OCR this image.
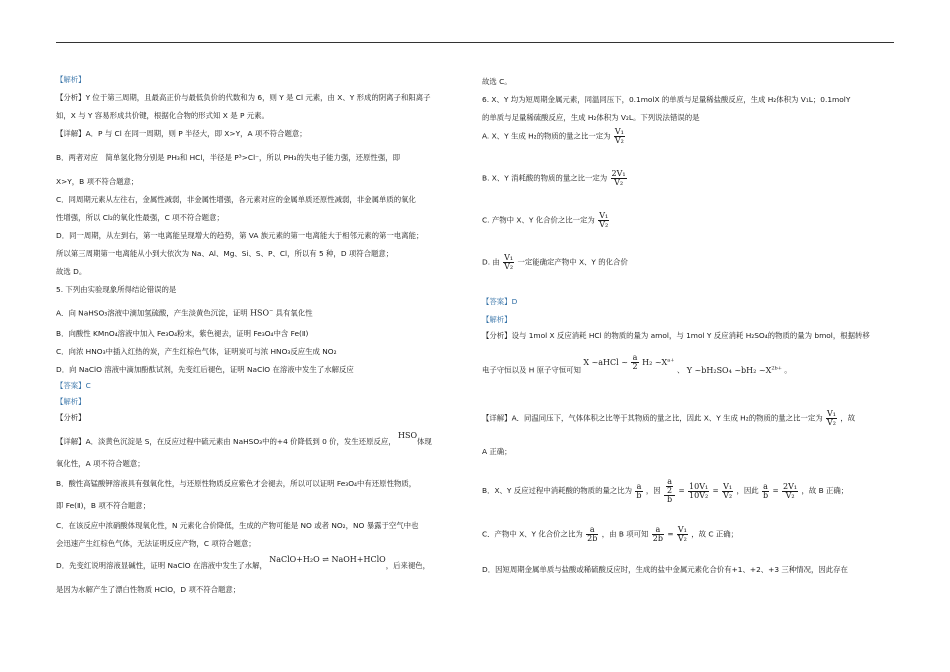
【解析】
【分析】Y 位于第三周期，且最高正价与最低负价的代数和为 6，则 Y 是 Cl 元素，由 X、Y 形成的阴离子和阳离子
如，X 与 Y 容易形成共价键，根据化合物的形式知 X 是 P 元素。
【详解】A．P 与 Cl 在同一周期，则 P 半径大，即 X>Y，A 项不符合题意；
B．两者对应　简单氢化物分别是 PH₃和 HCl，半径是 P³>Cl⁻，所以 PH₃的失电子能力强，还原性强，即
X>Y，B 项不符合题意；
C．同周期元素从左往右，金属性减弱，非金属性增强，各元素对应的金属单质还原性减弱，非金属单质的氧化
性增强，所以 Cl₂的氧化性最强，C 项不符合题意；
D．同一周期，从左到右，第一电离能呈现增大的趋势，第 VA 族元素的第一电离能大于相邻元素的第一电离能；
所以第三周期第一电离能从小到大依次为 Na、Al、Mg、Si、S、P、Cl，所以有 5 种，D 项符合题意；
故选 D。
5. 下列由实验现象所得结论错误的是
A．向 NaHSO₃溶液中滴加氢硫酸，产生淡黄色沉淀，证明 HSO− 具有氧化性
B．向酸性 KMnO₄溶液中加入 Fe₃O₄粉末，紫色褪去，证明 Fe₃O₄中含 Fe(Ⅱ)
C．向浓 HNO₃中插入红热的炭，产生红棕色气体，证明炭可与浓 HNO₃反应生成 NO₂
D．向 NaClO 溶液中滴加酚酞试剂，先变红后褪色，证明 NaClO 在溶液中发生了水解反应
【答案】C
【解析】
【分析】
【详解】A．淡黄色沉淀是 S，在反应过程中硫元素由 NaHSO₃中的+4 价降低到 0 价，发生还原反应， HSO体现
氧化性，A 项不符合题意；
B．酸性高锰酸钾溶液具有强氧化性，与还原性物质反应紫色才会褪去，所以可以证明 Fe₃O₄中有还原性物质，
即 Fe(Ⅱ)，B 项不符合题意；
C．在该反应中浓硝酸体现氧化性，N 元素化合价降低，生成的产物可能是 NO 或者 NO₂，NO 暴露于空气中也
会迅速产生红棕色气体，无法证明反应产物，C 项符合题意；
D．先变红说明溶液显碱性，证明 NaClO 在溶液中发生了水解， NaClO+H₂O ⇌ NaOH+HClO，后来褪色，
是因为水解产生了漂白性物质 HClO，D 项不符合题意；
故选 C。
6. X、Y 均为短周期金属元素，同温同压下，0.1molX 的单质与足量稀盐酸反应，生成 H₂体积为 V₁L；0.1molY
的单质与足量稀硫酸反应，生成 H₂体积为 V₂L。下列说法错误的是
A. X、Y 生成 H₂的物质的量之比一定为 $\frac{\text{V₁}}{\text{V₂}}$
B. X、Y 消耗酸的物质的量之比一定为 $\frac{\text{2V₁}}{\text{V₂}}$
C. 产物中 X、Y 化合价之比一定为 $\frac{\text{V₁}}{\text{V₂}}$
D. 由 $\frac{\text{V₁}}{\text{V₂}}$ 一定能确定产物中 X、Y 的化合价
【答案】D
【解析】
【分析】设与 1mol X 反应消耗 HCl 的物质的量为 amol，与 1mol Y 反应消耗 H₂SO₄的物质的量为 bmol，根据转移
电子守恒以及 H 原子守恒可知 X ~aHCl ~ $\frac{a}{2} H_2$ $\sim X^{a+}$ 、 Y ~bH₂SO₄ ~bH₂ $\sim X^{2b+}$ 。
【详解】A．同温同压下，气体体积之比等于其物质的量之比，因此 X、Y 生成 H₂的物质的量之比一定为 $\frac{\text{V₁}}{\text{V₂}}$ ，故
A 正确；
B．X、Y 反应过程中消耗酸的物质的量之比为 $\frac{a}{b}$ ，因 $\frac{\frac{a}{2}}{b} = \frac{\text{10V₁}}{\text{10V₂}} = \frac{\text{V₁}}{\text{V₂}}$ ，因此 $\frac{a}{b} = \frac{\text{2V₁}}{\text{V₂}}$ ，故 B 正确；
C．产物中 X、Y 化合价之比为 $\frac{a}{2b}$ ，由 B 项可知 $\frac{a}{2b} = \frac{\text{V₁}}{\text{V₂}}$ ，故 C 正确；
D．因短周期金属单质与盐酸或稀硫酸反应时，生成的盐中金属元素化合价有+1、+2、+3 三种情况，因此存在
